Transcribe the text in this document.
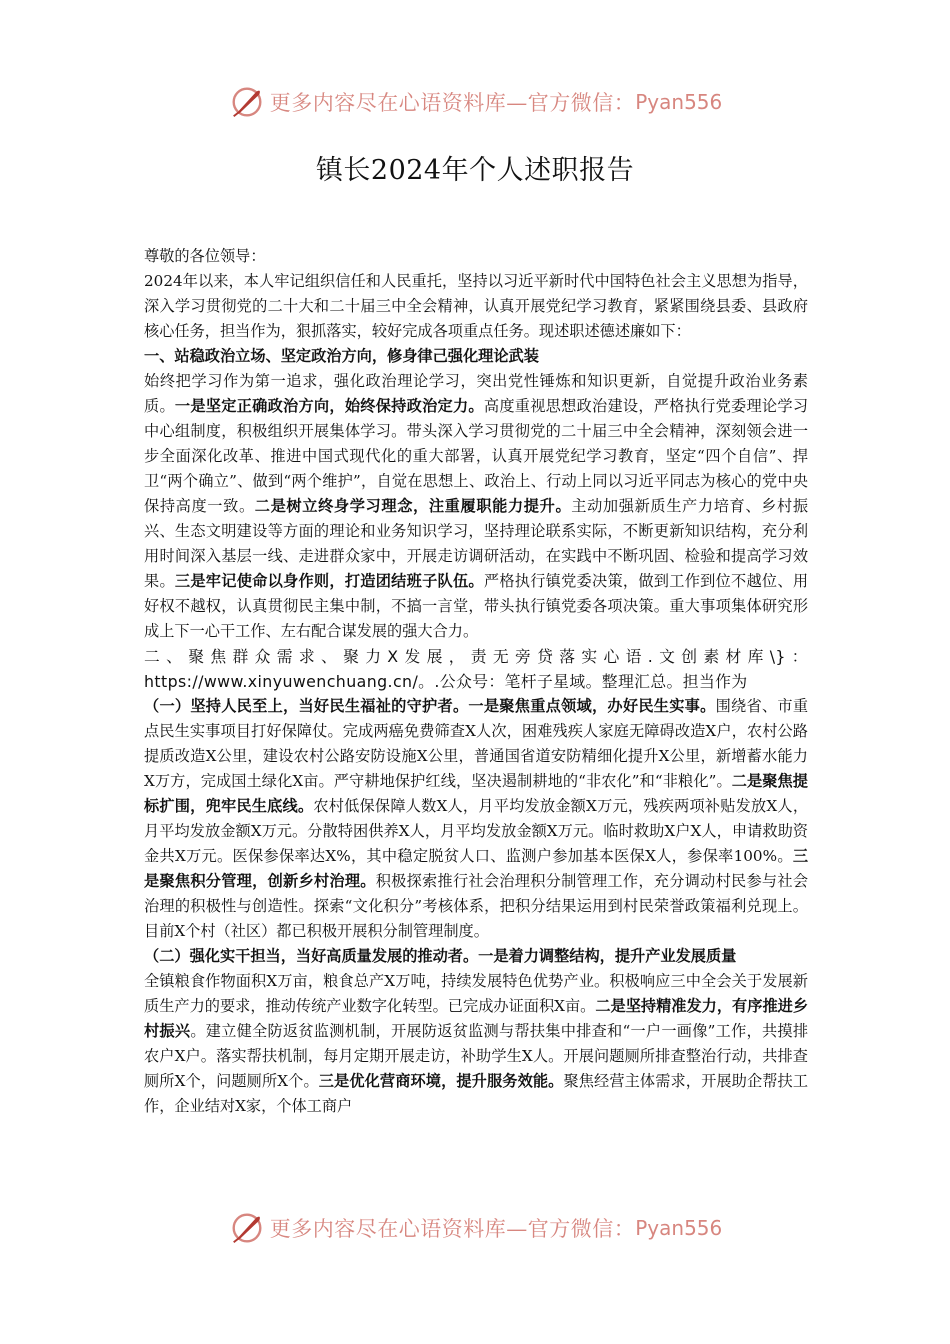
更多内容尽在心语资料库—官方微信： Pyan556
镇长2024年个人述职报告

尊敬的各位领导：

2024年以来，本人牢记组织信任和人民重托，坚持以习近平新时代中国特色社会主义思想为指导，深入学习贯彻党的二十大和二十届三中全会精神，认真开展党纪学习教育，紧紧围绕县委、县政府核心任务，担当作为，狠抓落实，较好完成各项重点任务。现述职述德述廉如下：

一、站稳政治立场、坚定政治方向，修身律己强化理论武装

始终把学习作为第一追求，强化政治理论学习，突出党性锤炼和知识更新，自觉提升政治业务素质。一是坚定正确政治方向，始终保持政治定力。高度重视思想政治建设，严格执行党委理论学习中心组制度，积极组织开展集体学习。带头深入学习贯彻党的二十届三中全会精神，深刻领会进一步全面深化改革、推进中国式现代化的重大部署，认真开展党纪学习教育，坚定“四个自信”、捍卫“两个确立”、做到“两个维护”，自觉在思想上、政治上、行动上同以习近平同志为核心的党中央保持高度一致。二是树立终身学习理念，注重履职能力提升。主动加强新质生产力培育、乡村振兴、生态文明建设等方面的理论和业务知识学习，坚持理论联系实际，不断更新知识结构，充分利用时间深入基层一线、走进群众家中，开展走访调研活动，在实践中不断巩固、检验和提高学习效果。三是牢记使命以身作则，打造团结班子队伍。严格执行镇党委决策，做到工作到位不越位、用好权不越权，认真贯彻民主集中制，不搞一言堂，带头执行镇党委各项决策。重大事项集体研究形成上下一心干工作、左右配合谋发展的强大合力。

二、聚焦群众需求、聚力X发展，责无旁贷落实心语.文创素材库\}：https://www.xinyuwenchuang.cn/。.公众号：笔杆子星域。整理汇总。担当作为

（一）坚持人民至上，当好民生福祉的守护者。一是聚焦重点领域，办好民生实事。围绕省、市重点民生实事项目打好保障仗。完成两癌免费筛查X人次，困难残疾人家庭无障碍改造X户，农村公路提质改造X公里，建设农村公路安防设施X公里，普通国省道安防精细化提升X公里，新增蓄水能力X万方，完成国土绿化X亩。严守耕地保护红线，坚决遏制耕地的“非农化”和“非粮化”。二是聚焦提标扩围，兜牢民生底线。农村低保保障人数X人，月平均发放金额X万元，残疾两项补贴发放X人，月平均发放金额X万元。分散特困供养X人，月平均发放金额X万元。临时救助X户X人，申请救助资金共X万元。医保参保率达X%，其中稳定脱贫人口、监测户参加基本医保X人，参保率100%。三是聚焦积分管理，创新乡村治理。积极探索推行社会治理积分制管理工作，充分调动村民参与社会治理的积极性与创造性。探索“文化积分”考核体系，把积分结果运用到村民荣誉政策福利兑现上。目前X个村（社区）都已积极开展积分制管理制度。

（二）强化实干担当，当好高质量发展的推动者。一是着力调整结构，提升产业发展质量
全镇粮食作物面积X万亩，粮食总产X万吨，持续发展特色优势产业。积极响应三中全会关于发展新质生产力的要求，推动传统产业数字化转型。已完成办证面积X亩。二是坚持精准发力，有序推进乡村振兴。建立健全防返贫监测机制，开展防返贫监测与帮扶集中排查和“一户一画像”工作，共摸排农户X户。落实帮扶机制，每月定期开展走访，补助学生X人。开展问题厕所排查整治行动，共排查厕所X个，问题厕所X个。三是优化营商环境，提升服务效能。聚焦经营主体需求，开展助企帮扶工作，企业结对X家，个体工商户

更多内容尽在心语资料库—官方微信： Pyan556
